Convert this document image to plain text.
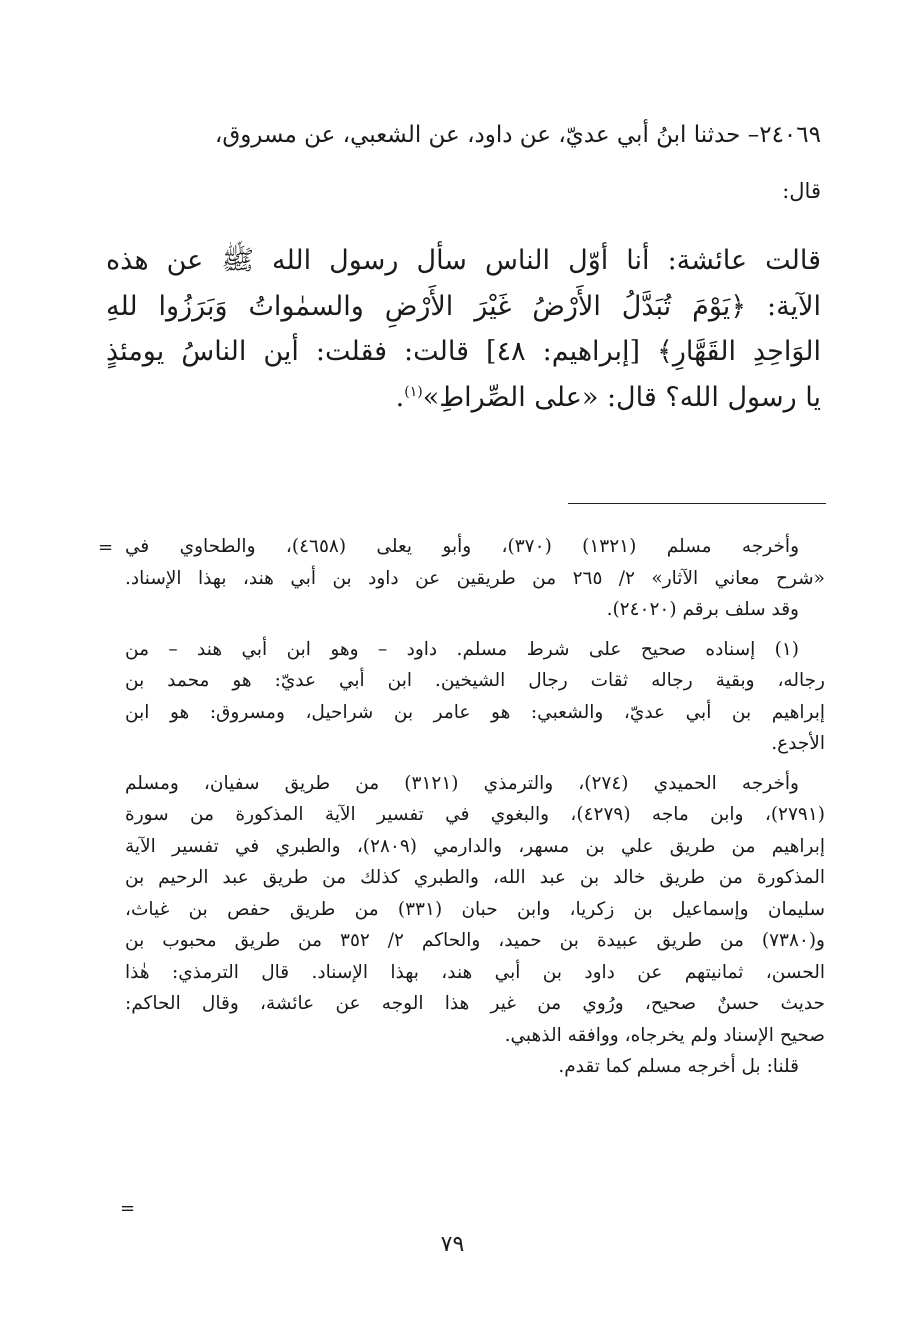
٢٤٠٦٩– حدثنا ابنُ أبي عديّ، عن داود، عن الشعبي، عن مسروق،
قال:
قالت عائشة: أنا أوّل الناس سأل رسول الله ﷺ عن هذه
الآية: ﴿يَوْمَ تُبَدَّلُ الأَرْضُ غَيْرَ الأَرْضِ والسمٰواتُ وَبَرَزُوا للهِ
الوَاحِدِ القَهَّارِ﴾ [إبراهيم: ٤٨] قالت: فقلت: أين الناسُ يومئذٍ
يا رسول الله؟ قال: «على الصِّراطِ»$^{(١)}$.
= وأخرجه مسلم (١٣٢١) (٣٧٠)، وأبو يعلى (٤٦٥٨)، والطحاوي في
«شرح معاني الآثار» ٢/ ٢٦٥ من طريقين عن داود بن أبي هند، بهذا الإسناد.
وقد سلف برقم (٢٤٠٢٠).
(١) إسناده صحيح على شرط مسلم. داود – وهو ابن أبي هند – من
رجاله، وبقية رجاله ثقات رجال الشيخين. ابن أبي عديّ: هو محمد بن
إبراهيم بن أبي عديّ، والشعبي: هو عامر بن شراحيل، ومسروق: هو ابن
الأجدع.
وأخرجه الحميدي (٢٧٤)، والترمذي (٣١٢١) من طريق سفيان، ومسلم
(٢٧٩١)، وابن ماجه (٤٢٧٩)، والبغوي في تفسير الآية المذكورة من سورة
إبراهيم من طريق علي بن مسهر، والدارمي (٢٨٠٩)، والطبري في تفسير الآية
المذكورة من طريق خالد بن عبد الله، والطبري كذلك من طريق عبد الرحيم بن
سليمان وإسماعيل بن زكريا، وابن حبان (٣٣١) من طريق حفص بن غياث،
و(٧٣٨٠) من طريق عبيدة بن حميد، والحاكم ٢/ ٣٥٢ من طريق محبوب بن
الحسن، ثمانيتهم عن داود بن أبي هند، بهذا الإسناد. قال الترمذي: هٰذا
حديث حسنٌ صحيح، ورُوي من غير هذا الوجه عن عائشة، وقال الحاكم:
صحيح الإسناد ولم يخرجاه، ووافقه الذهبي.
قلنا: بل أخرجه مسلم كما تقدم.
=
٧٩
